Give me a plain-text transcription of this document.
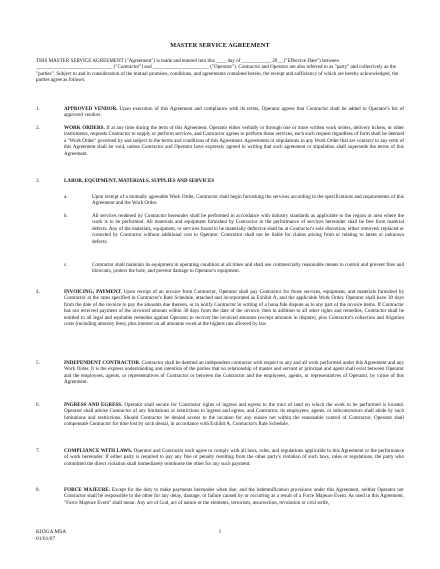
MASTER SERVICE AGREEMENT
THIS MASTER SERVICE AGREEMENT ("Agreement") is made and entered into this ____ day of ___________, 20__ ("Effective Date") between ______________________________ ("Contractor") and ______________________ ("Operator"). Contractor and Operator are also referred to as "party" and collectively as the "parties". Subject to and in consideration of the mutual promises, conditions, and agreements contained herein, the receipt and sufficiency of which are hereby acknowledged, the parties agree as follows:
1.	APPROVED VENDOR. Upon execution of this Agreement and compliance with its terms, Operator agrees that Contractor shall be added to Operator's list of approved vendors.
2.	WORK ORDERS. If at any time during the term of this Agreement, Operator either verbally or through one or more written work orders, delivery tickets, or other instruments, requests Contractor to supply or perform services, and Contractor agrees to perform those services, each such request regardless of form shall be deemed a "Work Order" governed by and subject to the terms and conditions of this Agreement. Agreements or stipulations in any Work Order that are contrary to any term of this Agreement shall be void, unless Contractor and Operator have expressly agreed in writing that such agreement or stipulation shall supersede the terms of this Agreement.
3.	LABOR, EQUIPMENT, MATERIALS, SUPPLIES AND SERVICES
a.	Upon receipt of a mutually agreeable Work Order, Contractor shall begin furnishing the services according to the specifications and requirements of this Agreement and the Work Order.
b.	All services rendered by Contractor hereunder shall be performed in accordance with industry standards as applicable to the region or area where the work is to be performed. All materials and equipment furnished by Contractor in the performance of services hereunder shall be free from material defects. Any of the materials, equipment, or services found to be materially defective shall be at Contractor's sole discretion, either removed, replaced or corrected by Contractor without additional cost to Operator. Contractor shall not be liable for claims arising from or relating to latent or unknown defects.
c.	Contractor shall maintain its equipment in operating condition at all times and shall use commercially reasonable means to control and prevent fires and blowouts, protect the hole, and prevent damage to Operator's equipment.
4.	INVOICING; PAYMENT. Upon receipt of an invoice from Contractor, Operator shall pay Contractor for those services, equipment, and materials furnished by Contractor at the rates specified in Contractor's Rate Schedule, attached and incorporated as Exhibit A, and the applicable Work Order. Operator shall have 30 days from the date of the invoice to pay the amounts due thereon, or to notify Contractor in writing of a bona fide dispute as to any part of the invoice items. If Contractor has not received payment of the invoiced amount within 30 days from the date of the invoice, then in addition to all other rights and remedies, Contractor shall be entitled to all legal and equitable remedies against Operator to recover the invoiced amounts (except amounts in dispute), plus Contractor's collection and litigation costs (including attorney fees), plus interest on all amounts owed at the highest rate allowed by law.
5.	INDEPENDENT CONTRACTOR. Contractor shall be deemed an independent contractor with respect to any and all work performed under this Agreement and any Work Order. It is the express understanding and intention of the parties that no relationship of master and servant or principal and agent shall exist between Operator and the employees, agents, or representatives of Contractor or between the Contractor and the employees, agents, or representatives of Operator, by virtue of this Agreement.
6.	INGRESS AND EGRESS. Operator shall secure for Contractor rights of ingress and egress to the tract of land on which the work to be performed is located. Operator shall advise Contractor of any limitations or restrictions to ingress and egress, and Contractor, its employees, agents, or subcontractors shall abide by such limitations and restrictions. Should Contractor be denied access to the location for any reason not within the reasonable control of Contractor, Operator shall compensate Contractor for time lost by such denial, in accordance with Exhibit A, Contractor's Rate Schedule.
7.	COMPLIANCE WITH LAWS. Operator and Contractor each agree to comply with all laws, rules, and regulations applicable to this Agreement or the performance of work hereunder. If either party is required to pay any fine or penalty resulting from the other party's violation of such laws, rules or regulations, the party who committed the direct violation shall immediately reimburse the other for any such payment.
8.	FORCE MAJEURE. Except for the duty to make payments hereunder when due, and the indemnification provisions under this Agreement, neither Operator nor Contractor shall be responsible to the other for any delay, damage, or failure caused by or occurring as a result of a Force Majeure Event. As used in this Agreement, "Force Majeure Event" shall mean: Any act of God, act of nature or the elements, terrorism, insurrection, revolution or civil strife,
KIOGA MSA
01/01/07
1
